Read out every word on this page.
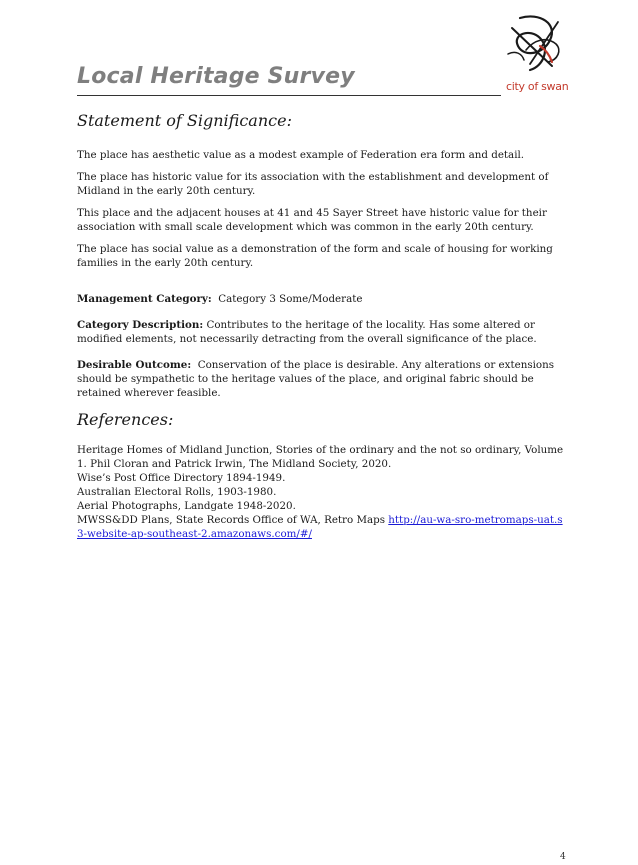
Local Heritage Survey	city of swan
Statement of Significance:

The place has aesthetic value as a modest example of Federation era form and detail.

The place has historic value for its association with the establishment and development of Midland in the early 20th century.

This place and the adjacent houses at 41 and 45 Sayer Street have historic value for their association with small scale development which was common in the early 20th century.

The place has social value as a demonstration of the form and scale of housing for working families in the early 20th century.

Management Category: Category 3 Some/Moderate

Category Description: Contributes to the heritage of the locality. Has some altered or modified elements, not necessarily detracting from the overall significance of the place.

Desirable Outcome: Conservation of the place is desirable. Any alterations or extensions should be sympathetic to the heritage values of the place, and original fabric should be retained wherever feasible.

References:

Heritage Homes of Midland Junction, Stories of the ordinary and the not so ordinary, Volume 1. Phil Cloran and Patrick Irwin, The Midland Society, 2020.

Wise’s Post Office Directory 1894-1949.

Australian Electoral Rolls, 1903-1980.

Aerial Photographs, Landgate 1948-2020.

MWSS&DD Plans, State Records Office of WA, Retro Maps http://au-wa-sro-metromaps-uat.s3-website-ap-southeast-2.amazonaws.com/#/

4
